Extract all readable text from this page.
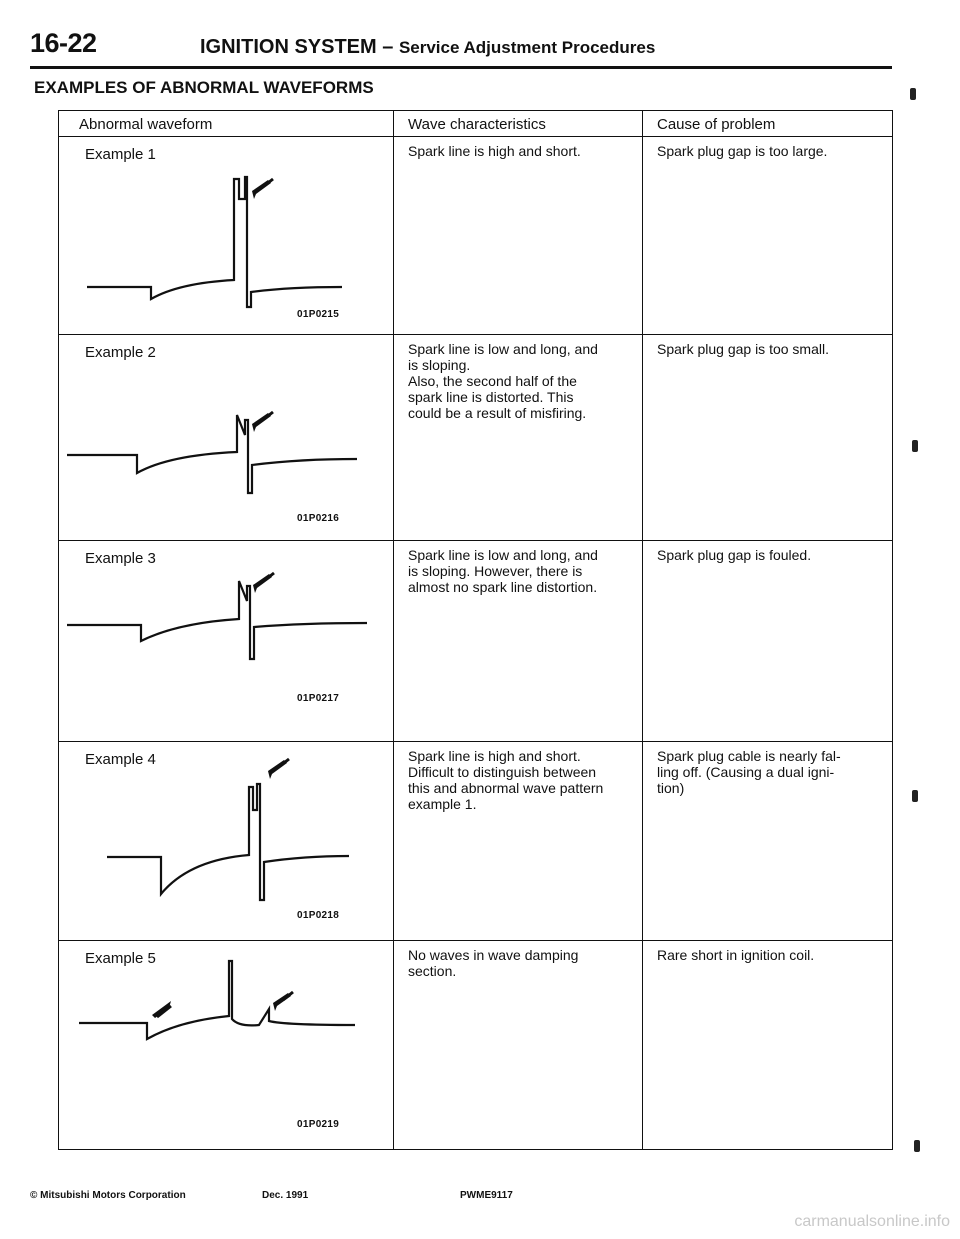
16-22	IGNITION SYSTEM – Service Adjustment Procedures
EXAMPLES OF ABNORMAL WAVEFORMS
Abnormal waveform	Wave characteristics	Cause of problem

Example 1
01P0215	Spark line is high and short.	Spark plug gap is too large.

Example 2
01P0216	Spark line is low and long, and
is sloping.
Also, the second half of the
spark line is distorted. This
could be a result of misfiring.	Spark plug gap is too small.

Example 3
01P0217	Spark line is low and long, and
is sloping. However, there is
almost no spark line distortion.	Spark plug gap is fouled.

Example 4
01P0218	Spark line is high and short.
Difficult to distinguish between
this and abnormal wave pattern
example 1.	Spark plug cable is nearly fal-
ling off. (Causing a dual igni-
tion)

Example 5
01P0219	No waves in wave damping
section.	Rare short in ignition coil.
© Mitsubishi Motors Corporation	Dec. 1991	PWME9117
carmanualsonline.info
